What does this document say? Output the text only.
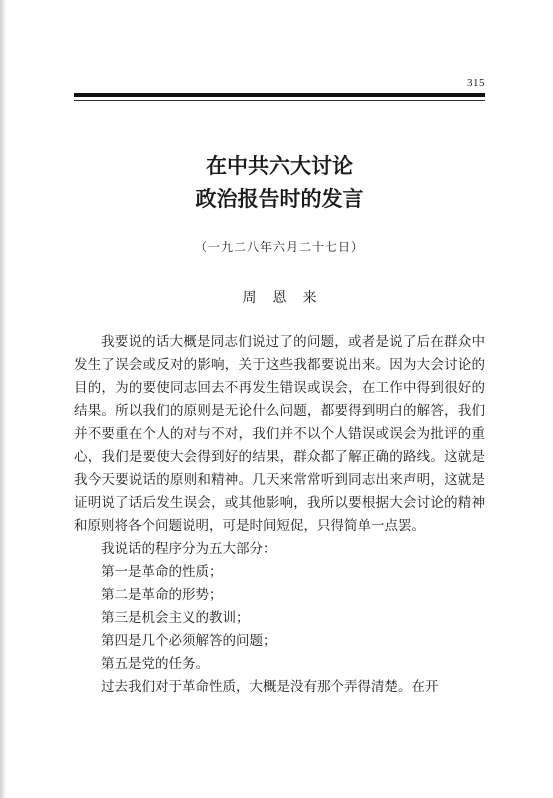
315
在中共六大讨论
政治报告时的发言
（一九二八年六月二十七日）
周恩来

我要说的话大概是同志们说过了的问题，或者是说了后在群众中发生了误会或反对的影响，关于这些我都要说出来。因为大会讨论的目的，为的要使同志回去不再发生错误或误会，在工作中得到很好的结果。所以我们的原则是无论什么问题，都要得到明白的解答，我们并不要重在个人的对与不对，我们并不以个人错误或误会为批评的重心，我们是要使大会得到好的结果，群众都了解正确的路线。这就是我今天要说话的原则和精神。几天来常常听到同志出来声明，这就是证明说了话后发生误会，或其他影响，我所以要根据大会讨论的精神和原则将各个问题说明，可是时间短促，只得简单一点罢。

我说话的程序分为五大部分：

第一是革命的性质；

第二是革命的形势；

第三是机会主义的教训；

第四是几个必须解答的问题；

第五是党的任务。

过去我们对于革命性质，大概是没有那个弄得清楚。在开
